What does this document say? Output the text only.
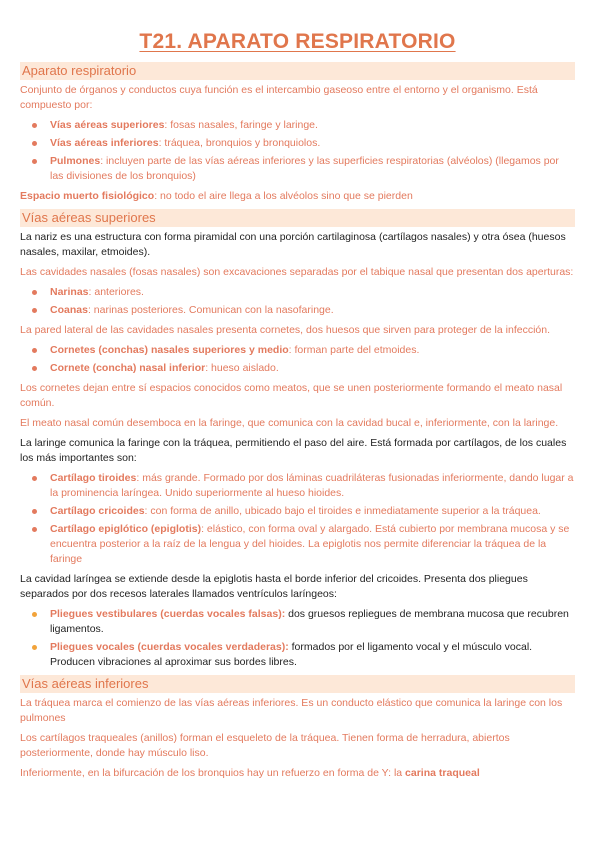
T21. APARATO RESPIRATORIO
Aparato respiratorio

Conjunto de órganos y conductos cuya función es el intercambio gaseoso entre el entorno y el organismo. Está compuesto por:

Vías aéreas superiores: fosas nasales, faringe y laringe.
Vías aéreas inferiores: tráquea, bronquios y bronquiolos.
Pulmones: incluyen parte de las vías aéreas inferiores y las superficies respiratorias (alvéolos) (llegamos por las divisiones de los bronquios)

Espacio muerto fisiológico: no todo el aire llega a los alvéolos sino que se pierden

Vías aéreas superiores

La nariz es una estructura con forma piramidal con una porción cartilaginosa (cartílagos nasales) y otra ósea (huesos nasales, maxilar, etmoides).

Las cavidades nasales (fosas nasales) son excavaciones separadas por el tabique nasal que presentan dos aperturas:

Narinas: anteriores.
Coanas: narinas posteriores. Comunican con la nasofaringe.

La pared lateral de las cavidades nasales presenta cornetes, dos huesos que sirven para proteger de la infección.

Cornetes (conchas) nasales superiores y medio: forman parte del etmoides.
Cornete (concha) nasal inferior: hueso aislado.

Los cornetes dejan entre sí espacios conocidos como meatos, que se unen posteriormente formando el meato nasal común.

El meato nasal común desemboca en la faringe, que comunica con la cavidad bucal e, inferiormente, con la laringe.

La laringe comunica la faringe con la tráquea, permitiendo el paso del aire. Está formada por cartílagos, de los cuales los más importantes son:

Cartílago tiroides: más grande. Formado por dos láminas cuadriláteras fusionadas inferiormente, dando lugar a la prominencia laríngea. Unido superiormente al hueso hioides.
Cartílago cricoides: con forma de anillo, ubicado bajo el tiroides e inmediatamente superior a la tráquea.
Cartílago epiglótico (epiglotis): elástico, con forma oval y alargado. Está cubierto por membrana mucosa y se encuentra posterior a la raíz de la lengua y del hioides. La epiglotis nos permite diferenciar la tráquea de la faringe

La cavidad laríngea se extiende desde la epiglotis hasta el borde inferior del cricoides. Presenta dos pliegues separados por dos recesos laterales llamados ventrículos laríngeos:

Pliegues vestibulares (cuerdas vocales falsas): dos gruesos repliegues de membrana mucosa que recubren ligamentos.
Pliegues vocales (cuerdas vocales verdaderas): formados por el ligamento vocal y el músculo vocal. Producen vibraciones al aproximar sus bordes libres.
Vías aéreas inferiores

La tráquea marca el comienzo de las vías aéreas inferiores. Es un conducto elástico que comunica la laringe con los pulmones

Los cartílagos traqueales (anillos) forman el esqueleto de la tráquea. Tienen forma de herradura, abiertos posteriormente, donde hay músculo liso.

Inferiormente, en la bifurcación de los bronquios hay un refuerzo en forma de Y: la carina traqueal
